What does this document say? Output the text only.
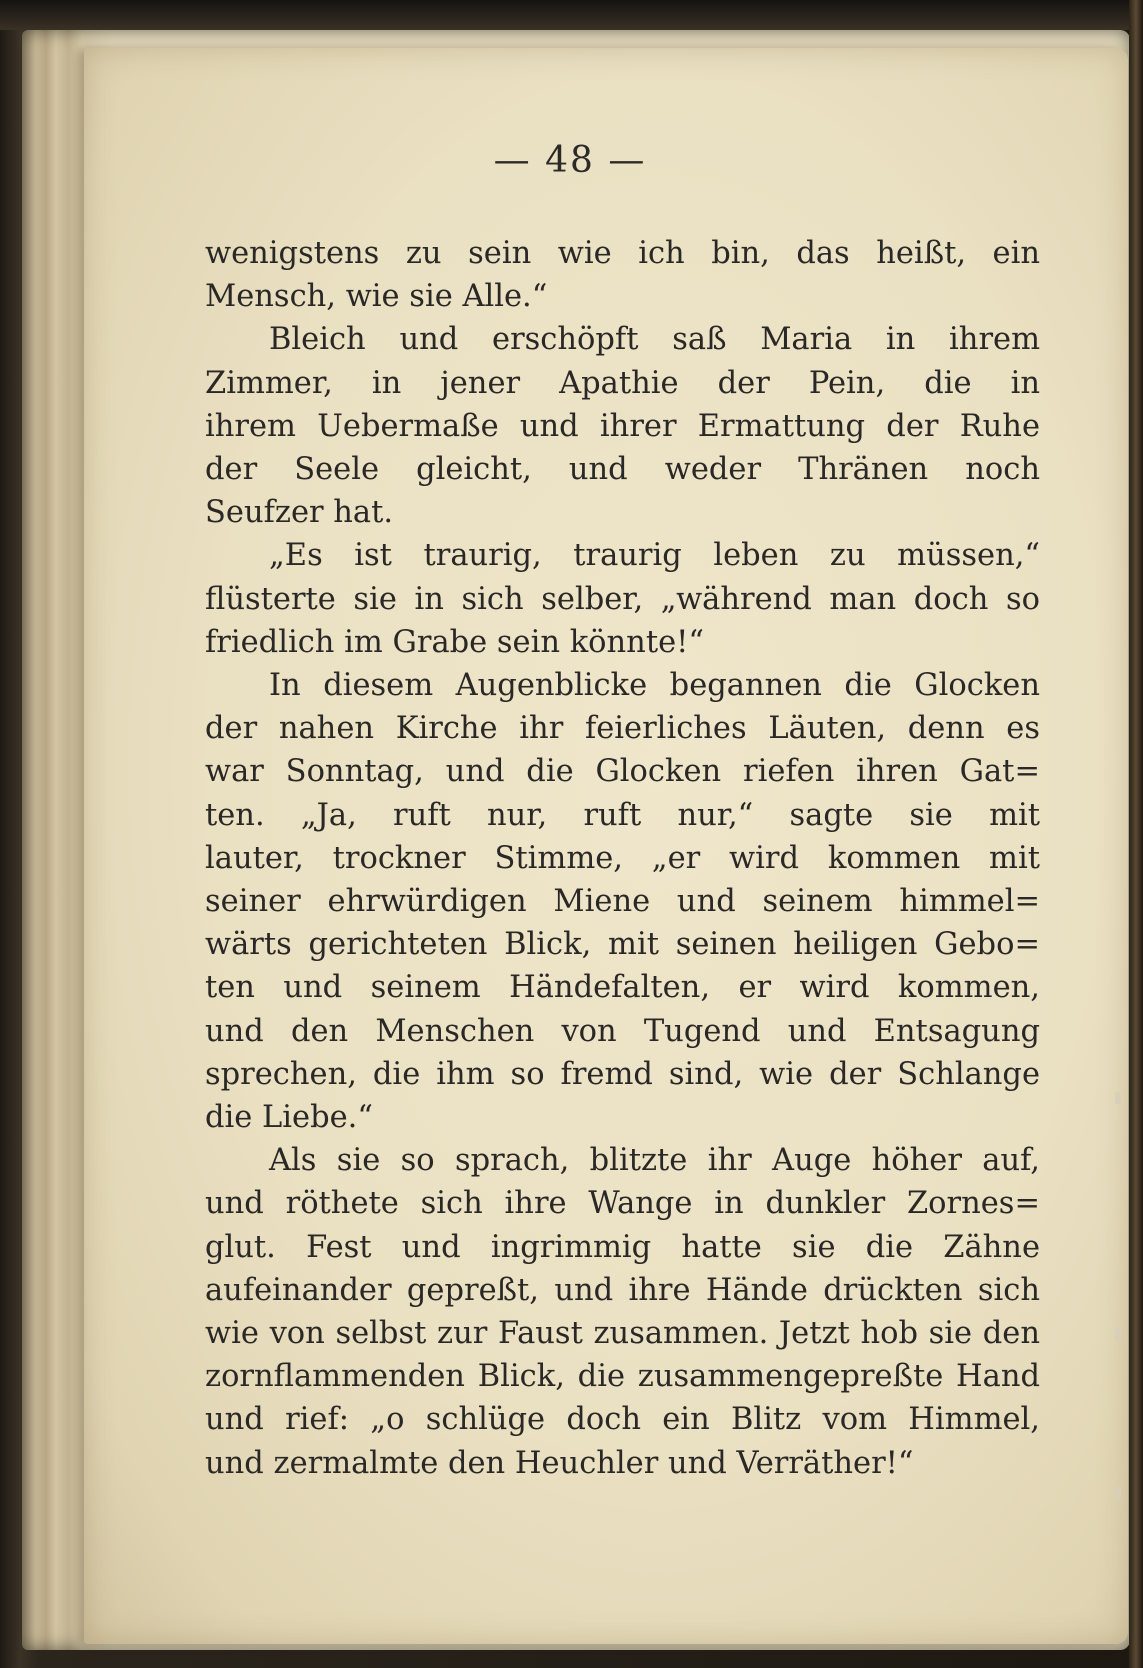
— 48 —
wenigstens zu sein wie ich bin, das heißt, ein
Mensch, wie sie Alle.“
Bleich und erschöpft saß Maria in ihrem
Zimmer, in jener Apathie der Pein, die in
ihrem Uebermaße und ihrer Ermattung der Ruhe
der Seele gleicht, und weder Thränen noch
Seufzer hat.
„Es ist traurig, traurig leben zu müssen,“
flüsterte sie in sich selber, „während man doch so
friedlich im Grabe sein könnte!“
In diesem Augenblicke begannen die Glocken
der nahen Kirche ihr feierliches Läuten, denn es
war Sonntag, und die Glocken riefen ihren Gat=
ten. „Ja, ruft nur, ruft nur,“ sagte sie mit
lauter, trockner Stimme, „er wird kommen mit
seiner ehrwürdigen Miene und seinem himmel=
wärts gerichteten Blick, mit seinen heiligen Gebo=
ten und seinem Händefalten, er wird kommen,
und den Menschen von Tugend und Entsagung
sprechen, die ihm so fremd sind, wie der Schlange
die Liebe.“
Als sie so sprach, blitzte ihr Auge höher auf,
und röthete sich ihre Wange in dunkler Zornes=
glut. Fest und ingrimmig hatte sie die Zähne
aufeinander gepreßt, und ihre Hände drückten sich
wie von selbst zur Faust zusammen. Jetzt hob sie den
zornflammenden Blick, die zusammengepreßte Hand
und rief: „o schlüge doch ein Blitz vom Himmel,
und zermalmte den Heuchler und Verräther!“
